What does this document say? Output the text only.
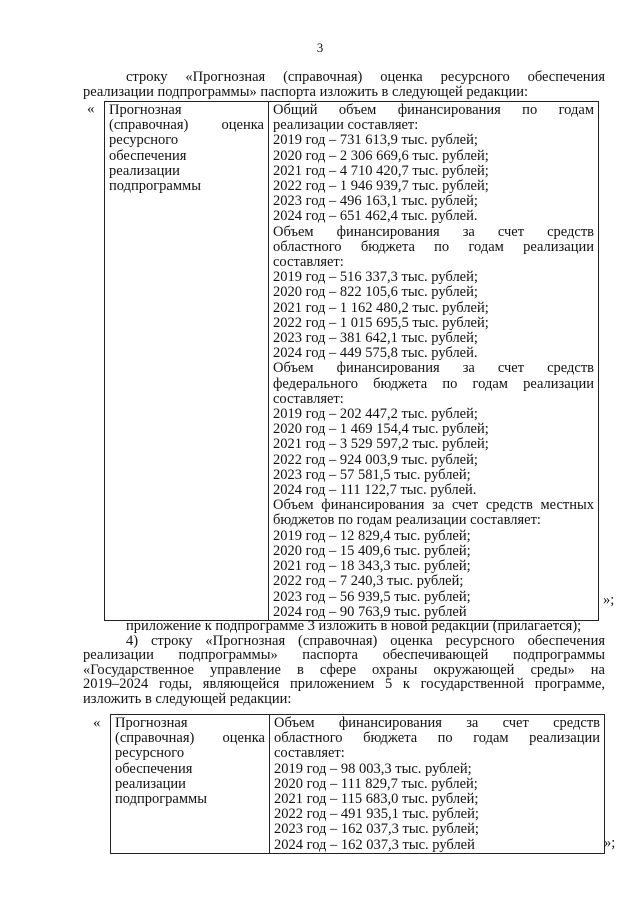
3
строку «Прогнозная (справочная) оценка ресурсного обеспечения
реализации подпрограммы» паспорта изложить в следующей редакции:
« Прогнозная
(справочная) оценка
ресурсного
обеспечения
реализации
подпрограммы

Общий объем финансирования по годам
реализации составляет:
2019 год – 731 613,9 тыс. рублей;
2020 год – 2 306 669,6 тыс. рублей;
2021 год – 4 710 420,7 тыс. рублей;
2022 год – 1 946 939,7 тыс. рублей;
2023 год – 496 163,1 тыс. рублей;
2024 год – 651 462,4 тыс. рублей.
Объем финансирования за счет средств
областного бюджета по годам реализации
составляет:
2019 год – 516 337,3 тыс. рублей;
2020 год – 822 105,6 тыс. рублей;
2021 год – 1 162 480,2 тыс. рублей;
2022 год – 1 015 695,5 тыс. рублей;
2023 год – 381 642,1 тыс. рублей;
2024 год – 449 575,8 тыс. рублей.
Объем финансирования за счет средств
федерального бюджета по годам реализации
составляет:
2019 год – 202 447,2 тыс. рублей;
2020 год – 1 469 154,4 тыс. рублей;
2021 год – 3 529 597,2 тыс. рублей;
2022 год – 924 003,9 тыс. рублей;
2023 год – 57 581,5 тыс. рублей;
2024 год – 111 122,7 тыс. рублей.
Объем финансирования за счет средств местных
бюджетов по годам реализации составляет:
2019 год – 12 829,4 тыс. рублей;
2020 год – 15 409,6 тыс. рублей;
2021 год – 18 343,3 тыс. рублей;
2022 год – 7 240,3 тыс. рублей;
2023 год – 56 939,5 тыс. рублей;
2024 год – 90 763,9 тыс. рублей
»;
приложение к подпрограмме 3 изложить в новой редакции (прилагается);
4) строку «Прогнозная (справочная) оценка ресурсного обеспечения
реализации подпрограммы» паспорта обеспечивающей подпрограммы
«Государственное управление в сфере охраны окружающей среды» на
2019–2024 годы, являющейся приложением 5 к государственной программе,
изложить в следующей редакции:
« Прогнозная
(справочная) оценка
ресурсного
обеспечения
реализации
подпрограммы

Объем финансирования за счет средств
областного бюджета по годам реализации
составляет:
2019 год – 98 003,3 тыс. рублей;
2020 год – 111 829,7 тыс. рублей;
2021 год – 115 683,0 тыс. рублей;
2022 год – 491 935,1 тыс. рублей;
2023 год – 162 037,3 тыс. рублей;
2024 год – 162 037,3 тыс. рублей	»;
